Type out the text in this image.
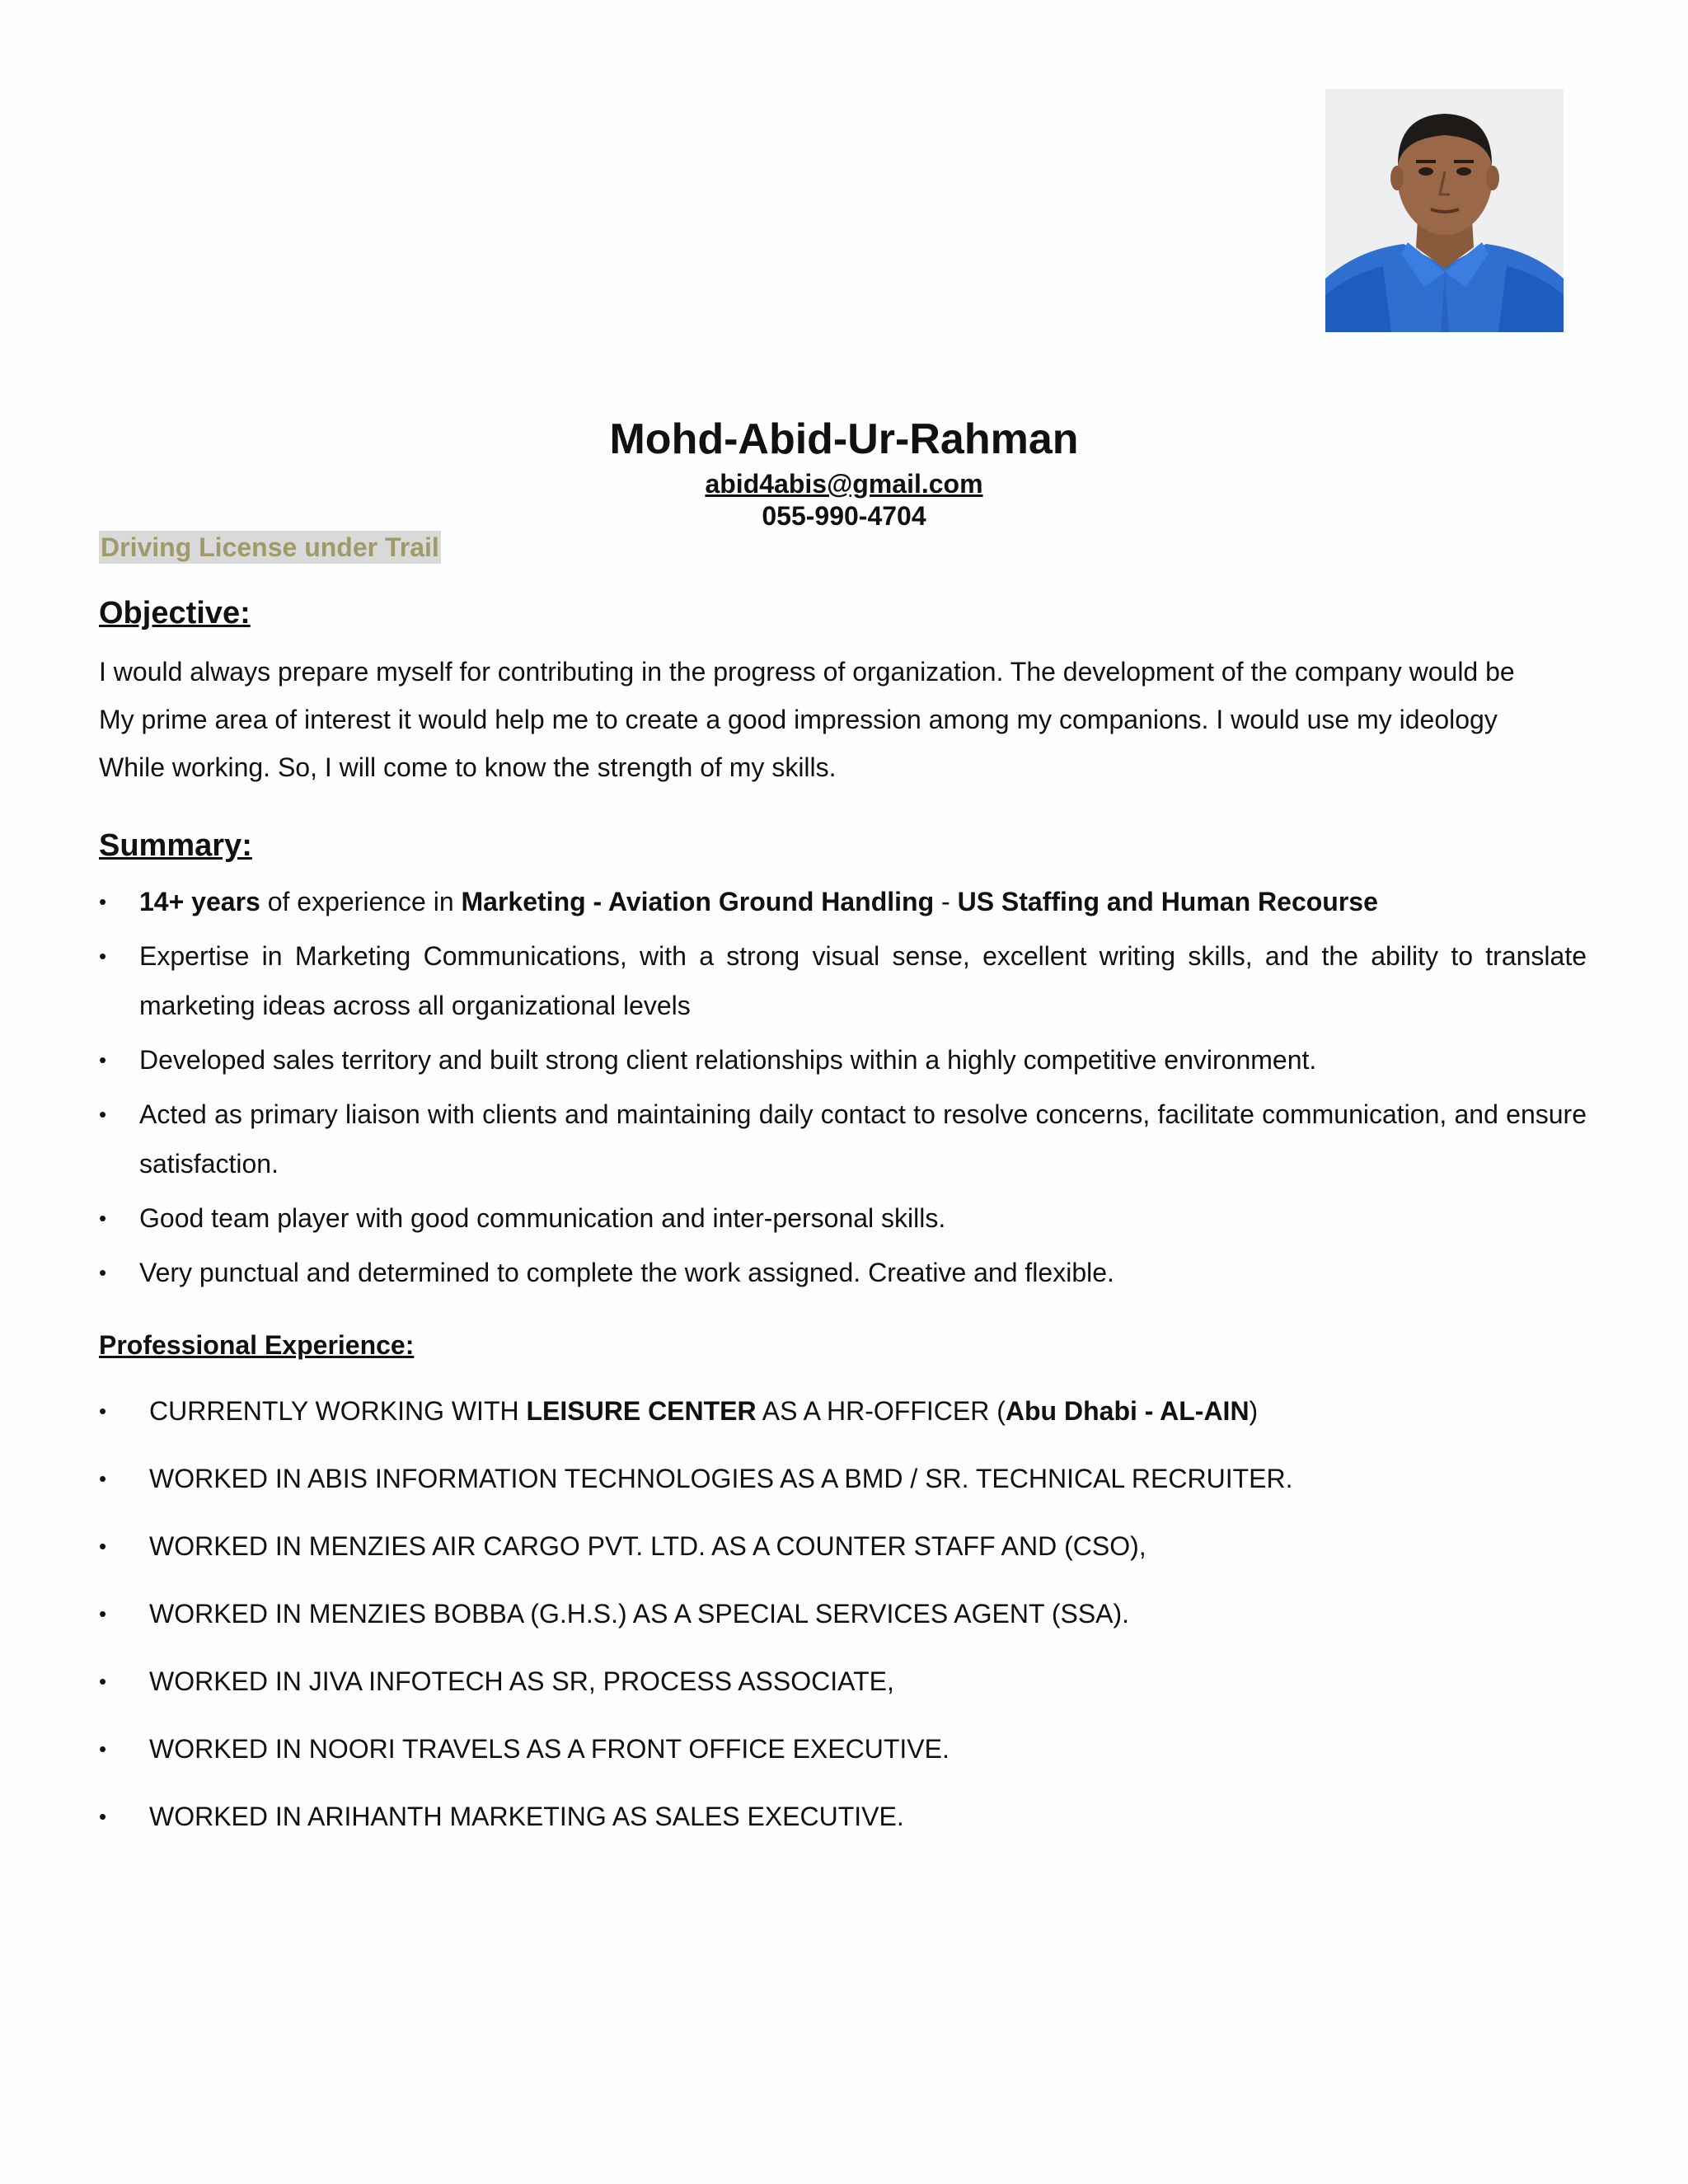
Mohd-Abid-Ur-Rahman
abid4abis@gmail.com
055-990-4704
Driving License under Trail
Objective:
I would always prepare myself for contributing in the progress of organization. The development of the company would be
My prime area of interest it would help me to create a good impression among my companions. I would use my ideology
While working. So, I will come to know the strength of my skills.
Summary:
• 14+ years of experience in Marketing - Aviation Ground Handling - US Staffing and Human Recourse
• Expertise in Marketing Communications, with a strong visual sense, excellent writing skills, and the ability to translate marketing ideas across all organizational levels
• Developed sales territory and built strong client relationships within a highly competitive environment.
• Acted as primary liaison with clients and maintaining daily contact to resolve concerns, facilitate communication, and ensure satisfaction.
• Good team player with good communication and inter-personal skills.
• Very punctual and determined to complete the work assigned. Creative and flexible.
Professional Experience:
• CURRENTLY WORKING WITH LEISURE CENTER AS A HR-OFFICER (Abu Dhabi - AL-AIN)
• WORKED IN ABIS INFORMATION TECHNOLOGIES AS A BMD / SR. TECHNICAL RECRUITER.
• WORKED IN MENZIES AIR CARGO PVT. LTD. AS A COUNTER STAFF AND (CSO),
• WORKED IN MENZIES BOBBA (G.H.S.) AS A SPECIAL SERVICES AGENT (SSA).
• WORKED IN JIVA INFOTECH AS SR, PROCESS ASSOCIATE,
• WORKED IN NOORI TRAVELS AS A FRONT OFFICE EXECUTIVE.
• WORKED IN ARIHANTH MARKETING AS SALES EXECUTIVE.
